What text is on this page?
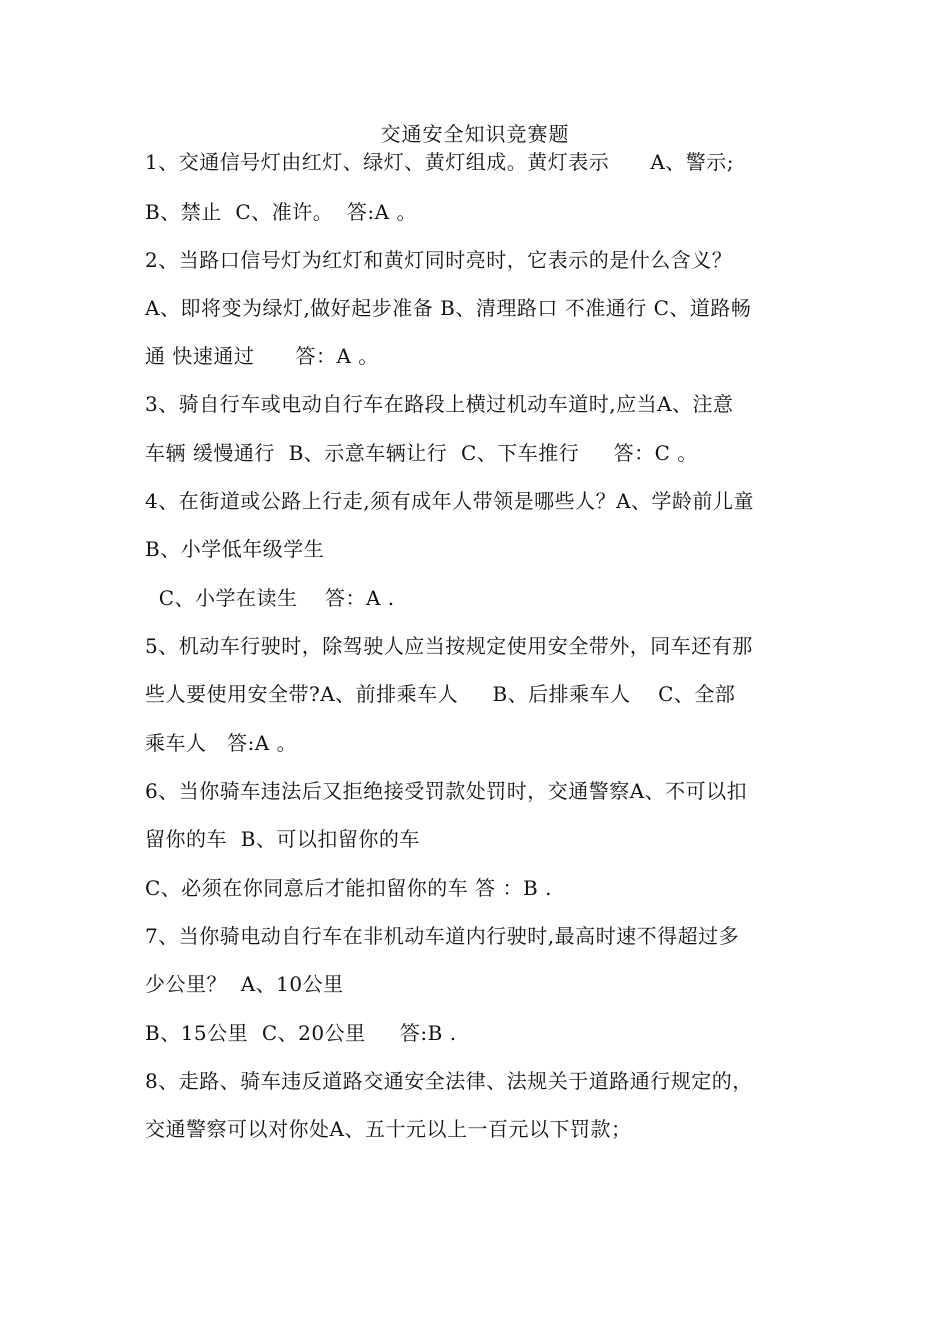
交通安全知识竞赛题
1、交通信号灯由红灯、绿灯、黄灯组成。黄灯表示      A、警示;
B、禁止  C、准许。  答:A 。
2、当路口信号灯为红灯和黄灯同时亮时，它表示的是什么含义？
A、即将变为绿灯,做好起步准备 B、清理路口 不准通行 C、道路畅
通 快速通过      答：A 。
3、骑自行车或电动自行车在路段上横过机动车道时,应当A、注意
车辆 缓慢通行  B、示意车辆让行  C、下车推行     答：C 。
4、在街道或公路上行走,须有成年人带领是哪些人？A、学龄前儿童
B、小学低年级学生
C、小学在读生    答：A .
5、机动车行驶时，除驾驶人应当按规定使用安全带外，同车还有那
些人要使用安全带?A、前排乘车人     B、后排乘车人    C、全部
乘车人   答:A 。
6、当你骑车违法后又拒绝接受罚款处罚时，交通警察A、不可以扣
留你的车  B、可以扣留你的车
C、必须在你同意后才能扣留你的车 答 ：B .
7、当你骑电动自行车在非机动车道内行驶时,最高时速不得超过多
少公里？  A、10公里
B、15公里  C、20公里     答:B .
8、走路、骑车违反道路交通安全法律、法规关于道路通行规定的，
交通警察可以对你处A、五十元以上一百元以下罚款；
